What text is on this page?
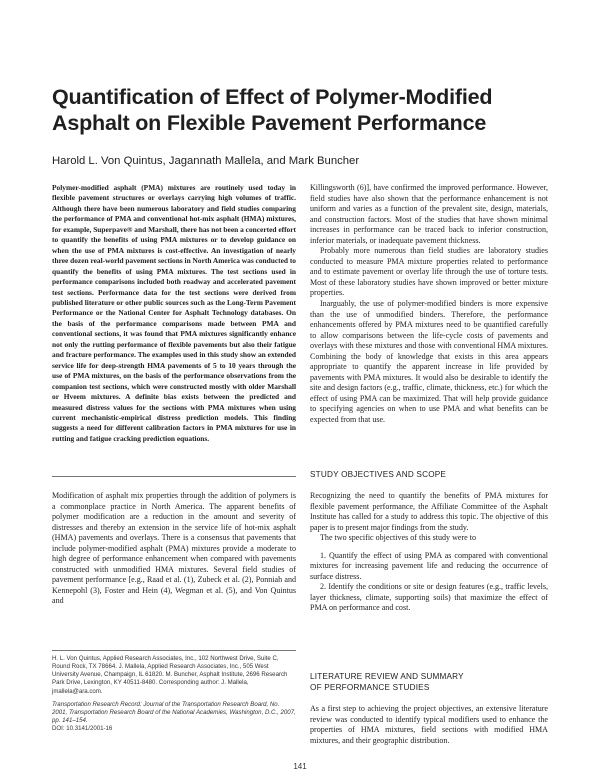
Quantification of Effect of Polymer-Modified Asphalt on Flexible Pavement Performance
Harold L. Von Quintus, Jagannath Mallela, and Mark Buncher
Polymer-modified asphalt (PMA) mixtures are routinely used today in flexible pavement structures or overlays carrying high volumes of traffic. Although there have been numerous laboratory and field studies comparing the performance of PMA and conventional hot-mix asphalt (HMA) mixtures, for example, Superpave® and Marshall, there has not been a concerted effort to quantify the benefits of using PMA mixtures or to develop guidance on when the use of PMA mixtures is cost-effective. An investigation of nearly three dozen real-world pavement sections in North America was conducted to quantify the benefits of using PMA mixtures. The test sections used in performance comparisons included both roadway and accelerated pavement test sections. Performance data for the test sections were derived from published literature or other public sources such as the Long-Term Pavement Performance or the National Center for Asphalt Technology databases. On the basis of the performance comparisons made between PMA and conventional sections, it was found that PMA mixtures significantly enhance not only the rutting performance of flexible pavements but also their fatigue and fracture performance. The examples used in this study show an extended service life for deep-strength HMA pavements of 5 to 10 years through the use of PMA mixtures, on the basis of the performance observations from the companion test sections, which were constructed mostly with older Marshall or Hveem mixtures. A definite bias exists between the predicted and measured distress values for the sections with PMA mixtures when using current mechanistic-empirical distress prediction models. This finding suggests a need for different calibration factors in PMA mixtures for use in rutting and fatigue cracking prediction equations.

Modification of asphalt mix properties through the addition of polymers is a commonplace practice in North America. The apparent benefits of polymer modification are a reduction in the amount and severity of distresses and thereby an extension in the service life of hot-mix asphalt (HMA) pavements and overlays. There is a consensus that pavements that include polymer-modified asphalt (PMA) mixtures provide a moderate to high degree of performance enhancement when compared with pavements constructed with unmodified HMA mixtures. Several field studies of pavement performance [e.g., Raad et al. (1), Zubeck et al. (2), Ponniah and Kennepohl (3), Foster and Hein (4), Wegman et al. (5), and Von Quintus and

Killingsworth (6)], have confirmed the improved performance. However, field studies have also shown that the performance enhancement is not uniform and varies as a function of the prevalent site, design, materials, and construction factors. Most of the studies that have shown minimal increases in performance can be traced back to inferior construction, inferior materials, or inadequate pavement thickness.

Probably more numerous than field studies are laboratory studies conducted to measure PMA mixture properties related to performance and to estimate pavement or overlay life through the use of torture tests. Most of these laboratory studies have shown improved or better mixture properties.

Inarguably, the use of polymer-modified binders is more expensive than the use of unmodified binders. Therefore, the performance enhancements offered by PMA mixtures need to be quantified carefully to allow comparisons between the life-cycle costs of pavements and overlays with these mixtures and those with conventional HMA mixtures. Combining the body of knowledge that exists in this area appears appropriate to quantify the apparent increase in life provided by pavements with PMA mixtures. It would also be desirable to identify the site and design factors (e.g., traffic, climate, thickness, etc.) for which the effect of using PMA can be maximized. That will help provide guidance to specifying agencies on when to use PMA and what benefits can be expected from that use.

STUDY OBJECTIVES AND SCOPE

Recognizing the need to quantify the benefits of PMA mixtures for flexible pavement performance, the Affiliate Committee of the Asphalt Institute has called for a study to address this topic. The objective of this paper is to present major findings from the study.

The two specific objectives of this study were to

1. Quantify the effect of using PMA as compared with conventional mixtures for increasing pavement life and reducing the occurrence of surface distress.

2. Identify the conditions or site or design features (e.g., traffic levels, layer thickness, climate, supporting soils) that maximize the effect of PMA on performance and cost.

LITERATURE REVIEW AND SUMMARY
OF PERFORMANCE STUDIES

As a first step to achieving the project objectives, an extensive literature review was conducted to identify typical modifiers used to enhance the properties of HMA mixtures, field sections with modified HMA mixtures, and their geographic distribution.

H. L. Von Quintus, Applied Research Associates, Inc., 102 Northwest Drive, Suite C, Round Rock, TX 78664. J. Mallela, Applied Research Associates, Inc., 505 West University Avenue, Champaign, IL 61820. M. Buncher, Asphalt Institute, 2696 Research Park Drive, Lexington, KY 40511-8480. Corresponding author: J. Mallela, jmallela@ara.com.

Transportation Research Record: Journal of the Transportation Research Board, No. 2001, Transportation Research Board of the National Academies, Washington, D.C., 2007, pp. 141–154.

DOI: 10.3141/2001-16

141
